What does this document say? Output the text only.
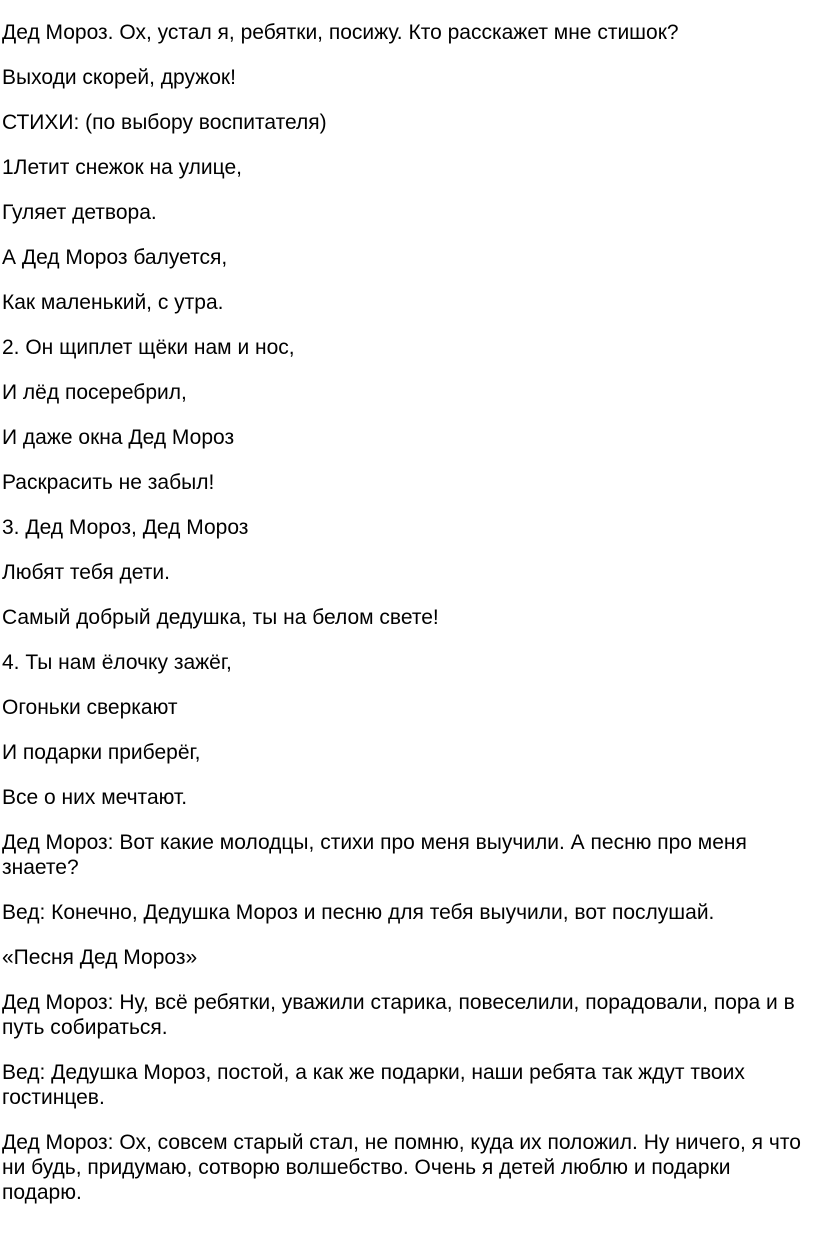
Дед Мороз. Ох, устал я, ребятки, посижу. Кто расскажет мне стишок?

Выходи скорей, дружок!

СТИХИ: (по выбору воспитателя)

1Летит снежок на улице,

Гуляет детвора.

А Дед Мороз балуется,

Как маленький, с утра.

2. Он щиплет щёки нам и нос,

И лёд посеребрил,

И даже окна Дед Мороз

Раскрасить не забыл!

3. Дед Мороз, Дед Мороз

Любят тебя дети.

Самый добрый дедушка, ты на белом свете!

4. Ты нам ёлочку зажёг,

Огоньки сверкают

И подарки приберёг,

Все о них мечтают.

Дед Мороз: Вот какие молодцы, стихи про меня выучили. А песню про меня знаете?

Вед: Конечно, Дедушка Мороз и песню для тебя выучили, вот послушай.

«Песня Дед Мороз»

Дед Мороз: Ну, всё ребятки, уважили старика, повеселили, порадовали, пора и в путь собираться.

Вед: Дедушка Мороз, постой, а как же подарки, наши ребята так ждут твоих гостинцев.

Дед Мороз: Ох, совсем старый стал, не помню, куда их положил. Ну ничего, я что ни будь, придумаю, сотворю волшебство. Очень я детей люблю и подарки подарю.
